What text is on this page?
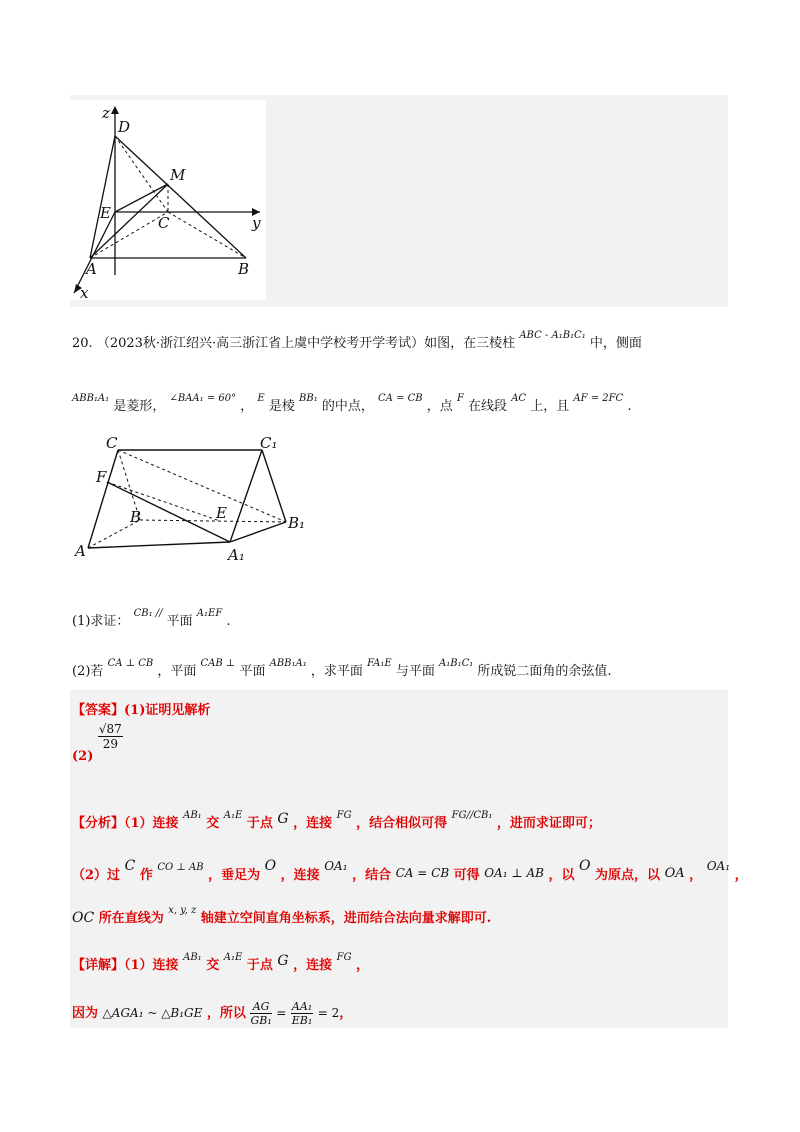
z
D
M
E
C	y
A	B
x
20. （2023秋·浙江绍兴·高三浙江省上虞中学校考开学考试）如图，在三棱柱 $^{ABC - A_1B_1C_1}$ 中，侧面
$^{ABB_1A_1}$ 是菱形， $^{\angle BAA_1 = 60^\circ}$ ， $^E$ 是棱 $^{BB_1}$ 的中点， $^{CA = CB}$ ，点 $^F$ 在线段 $^{AC}$ 上，且 $^{AF = 2FC}$ .
C	C₁
F
B	E
B₁
A	A₁
(1)求证： $^{CB_1 //}$ 平面 $^{A_1EF}$ .
(2)若 $^{CA \perp CB}$ ，平面 $^{CAB \perp}$ 平面 $^{ABB_1A_1}$ ，求平面 $^{FA_1E}$ 与平面 $^{A_1B_1C_1}$ 所成锐二面角的余弦值.
【答案】(1)证明见解析
(2)
$\frac{√87}{29}$
【分析】（1）连接 $^{AB_1}$ 交 $^{A_1E}$ 于点 G ，连接 $^{FG}$ ，结合相似可得 $^{FG//CB_1}$ ，进而求证即可；
（2）过 C 作 $^{CO \perp AB}$ ，垂足为 O ，连接 OA₁ ，结合 CA = CB 可得 OA₁ ⊥ AB ，以 O 为原点，以 OA ， OA₁ ，
OC 所在直线为 $^{x, y, z}$ 轴建立空间直角坐标系，进而结合法向量求解即可.
【详解】（1）连接 $^{AB_1}$ 交 $^{A_1E}$ 于点 G ，连接 $^{FG}$ ，
因为 △AGA₁ ~ △B₁GE ，所以 $\frac{AG}{\text{GB₁}} = \frac{\text{AA₁}}{\text{EB₁}} = 2$，
